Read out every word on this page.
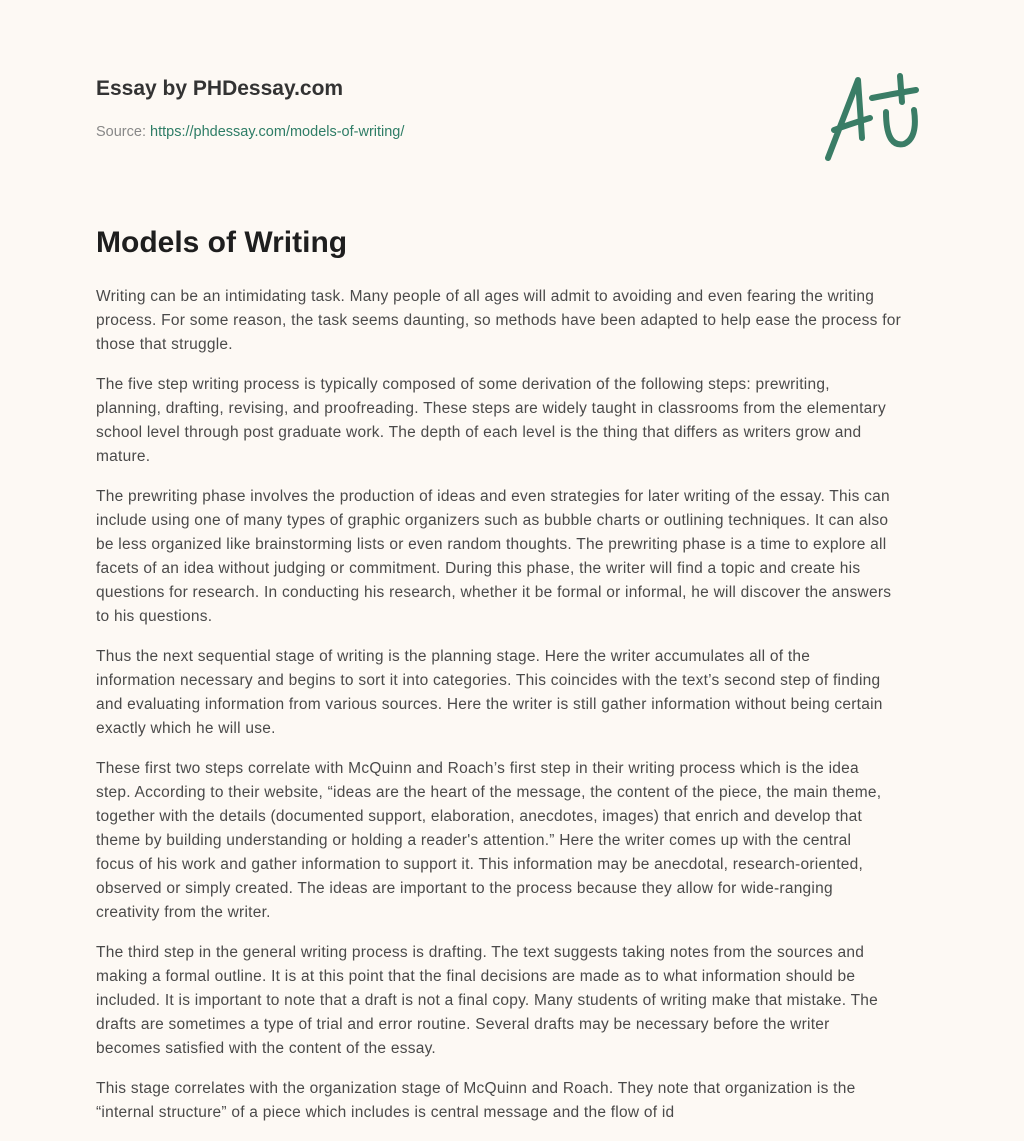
Essay by PHDessay.com

Source: https://phdessay.com/models-of-writing/
Models of Writing
Writing can be an intimidating task. Many people of all ages will admit to avoiding and even fearing the writing
process. For some reason, the task seems daunting, so methods have been adapted to help ease the process for
those that struggle.
The five step writing process is typically composed of some derivation of the following steps: prewriting,
planning, drafting, revising, and proofreading. These steps are widely taught in classrooms from the elementary
school level through post graduate work. The depth of each level is the thing that differs as writers grow and
mature.
The prewriting phase involves the production of ideas and even strategies for later writing of the essay. This can
include using one of many types of graphic organizers such as bubble charts or outlining techniques. It can also
be less organized like brainstorming lists or even random thoughts. The prewriting phase is a time to explore all
facets of an idea without judging or commitment. During this phase, the writer will find a topic and create his
questions for research. In conducting his research, whether it be formal or informal, he will discover the answers
to his questions.
Thus the next sequential stage of writing is the planning stage. Here the writer accumulates all of the
information necessary and begins to sort it into categories. This coincides with the text’s second step of finding
and evaluating information from various sources. Here the writer is still gather information without being certain
exactly which he will use.
These first two steps correlate with McQuinn and Roach’s first step in their writing process which is the idea
step. According to their website, “ideas are the heart of the message, the content of the piece, the main theme,
together with the details (documented support, elaboration, anecdotes, images) that enrich and develop that
theme by building understanding or holding a reader's attention.” Here the writer comes up with the central
focus of his work and gather information to support it. This information may be anecdotal, research-oriented,
observed or simply created. The ideas are important to the process because they allow for wide-ranging
creativity from the writer.
The third step in the general writing process is drafting. The text suggests taking notes from the sources and
making a formal outline. It is at this point that the final decisions are made as to what information should be
included. It is important to note that a draft is not a final copy. Many students of writing make that mistake. The
drafts are sometimes a type of trial and error routine. Several drafts may be necessary before the writer
becomes satisfied with the content of the essay.
This stage correlates with the organization stage of McQuinn and Roach. They note that organization is the
“internal structure” of a piece which includes is central message and the flow of id
